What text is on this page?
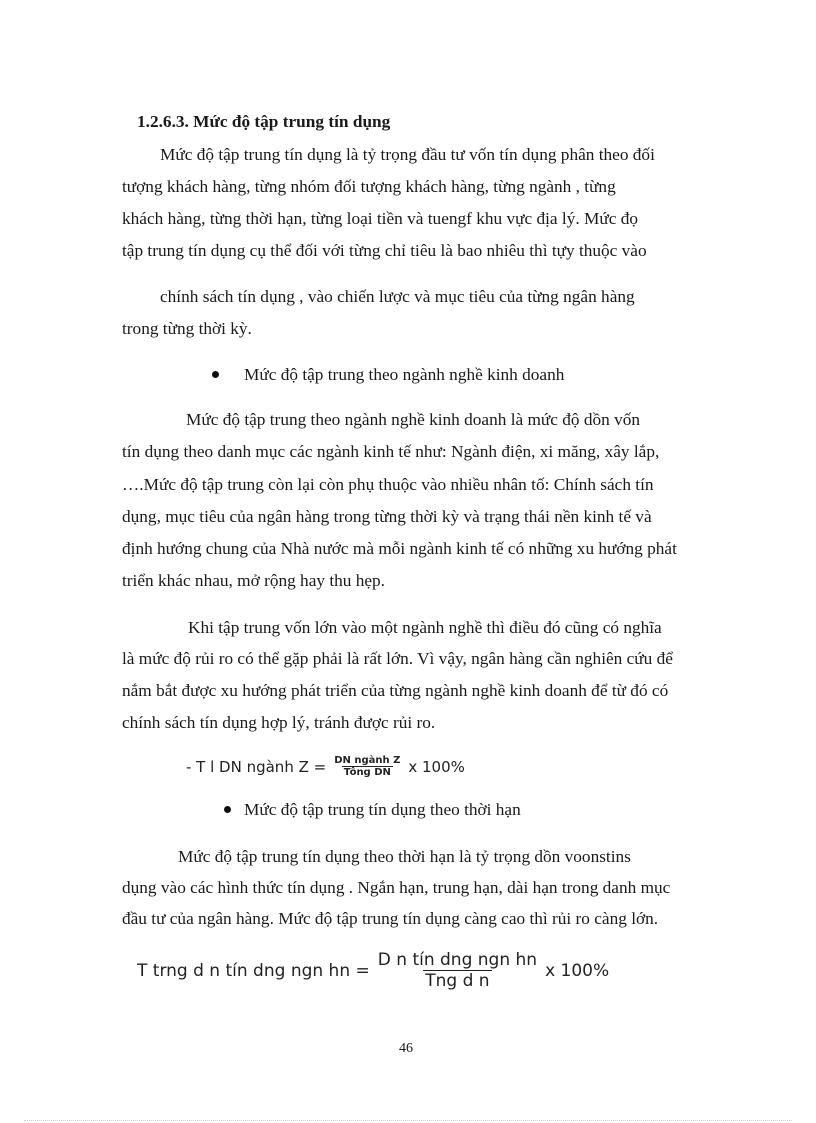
1.2.6.3. Mức độ tập trung tín dụng
Mức độ tập trung tín dụng là tỷ trọng đầu tư vốn tín dụng phân theo đối
tượng khách hàng, từng nhóm đối tượng khách hàng, từng ngành , từng
khách hàng, từng thời hạn, từng loại tiền và tuengf khu vực địa lý. Mức đọ
tập trung tín dụng cụ thể đối với từng chỉ tiêu là bao nhiêu thì tựy thuộc vào
chính sách tín dụng , vào chiến lược và mục tiêu của từng ngân hàng
trong từng thời kỳ.
Mức độ tập trung theo ngành nghề kinh doanh
Mức độ tập trung theo ngành nghề kinh doanh là mức độ dồn vốn
tín dụng theo danh mục các ngành kinh tế như: Ngành điện, xi măng, xây lắp,
….Mức độ tập trung còn lại còn phụ thuộc vào nhiều nhân tố: Chính sách tín
dụng, mục tiêu của ngân hàng trong từng thời kỳ và trạng thái nền kinh tế và
định hướng chung của Nhà nước mà mỗi ngành kinh tế có những xu hướng phát
triển khác nhau, mở rộng hay thu hẹp.
Khi tập trung vốn lớn vào một ngành nghề thì điều đó cũng có nghĩa
là mức độ rủi ro có thể gặp phải là rất lớn. Vì vậy, ngân hàng cần nghiên cứu để
nắm bắt được xu hướng phát triển của từng ngành nghề kinh doanh để từ đó có
chính sách tín dụng hợp lý, tránh được rủi ro.
- T l DN ngành $Z = \frac{\text{DN ngành Z}}{\text{Tông DN}}$ x 100%
Mức độ tập trung tín dụng theo thời hạn
Mức độ tập trung tín dụng theo thời hạn là tỷ trọng dồn voonstins
dụng vào các hình thức tín dụng . Ngắn hạn, trung hạn, dài hạn trong danh mục
đầu tư của ngân hàng. Mức độ tập trung tín dụng càng cao thì rủi ro càng lớn.
T trng d n tín dng ngn hn = $\frac{\text{D n tín dng ngn hn}}{\text{Tng d n}}$ x 100%
46
